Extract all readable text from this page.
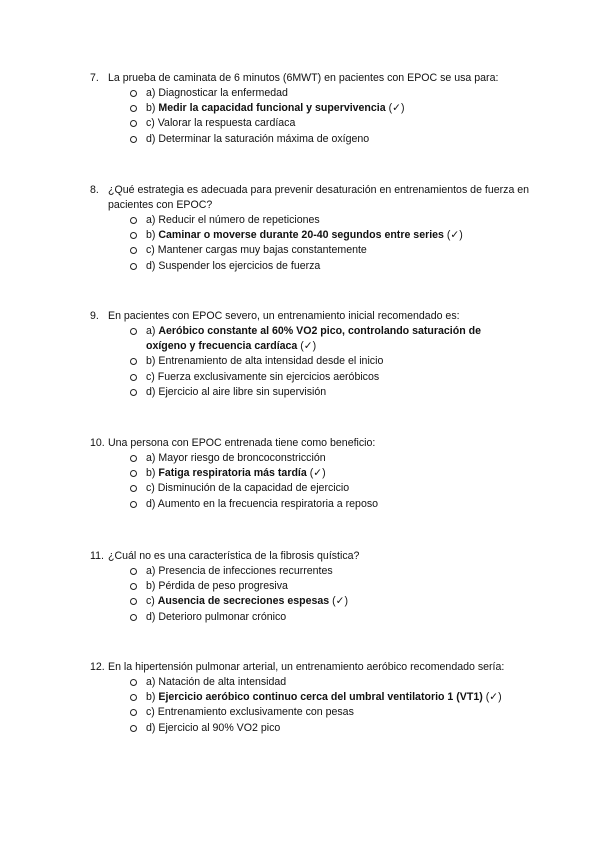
7. La prueba de caminata de 6 minutos (6MWT) en pacientes con EPOC se usa para:
a) Diagnosticar la enfermedad
b) Medir la capacidad funcional y supervivencia (✓)
c) Valorar la respuesta cardíaca
d) Determinar la saturación máxima de oxígeno
8. ¿Qué estrategia es adecuada para prevenir desaturación en entrenamientos de fuerza en pacientes con EPOC?
a) Reducir el número de repeticiones
b) Caminar o moverse durante 20-40 segundos entre series (✓)
c) Mantener cargas muy bajas constantemente
d) Suspender los ejercicios de fuerza
9. En pacientes con EPOC severo, un entrenamiento inicial recomendado es:
a) Aeróbico constante al 60% VO2 pico, controlando saturación de oxígeno y frecuencia cardíaca (✓)
b) Entrenamiento de alta intensidad desde el inicio
c) Fuerza exclusivamente sin ejercicios aeróbicos
d) Ejercicio al aire libre sin supervisión
10. Una persona con EPOC entrenada tiene como beneficio:
a) Mayor riesgo de broncoconstricción
b) Fatiga respiratoria más tardía (✓)
c) Disminución de la capacidad de ejercicio
d) Aumento en la frecuencia respiratoria a reposo
11. ¿Cuál no es una característica de la fibrosis quística?
a) Presencia de infecciones recurrentes
b) Pérdida de peso progresiva
c) Ausencia de secreciones espesas (✓)
d) Deterioro pulmonar crónico
12. En la hipertensión pulmonar arterial, un entrenamiento aeróbico recomendado sería:
a) Natación de alta intensidad
b) Ejercicio aeróbico continuo cerca del umbral ventilatorio 1 (VT1) (✓)
c) Entrenamiento exclusivamente con pesas
d) Ejercicio al 90% VO2 pico
